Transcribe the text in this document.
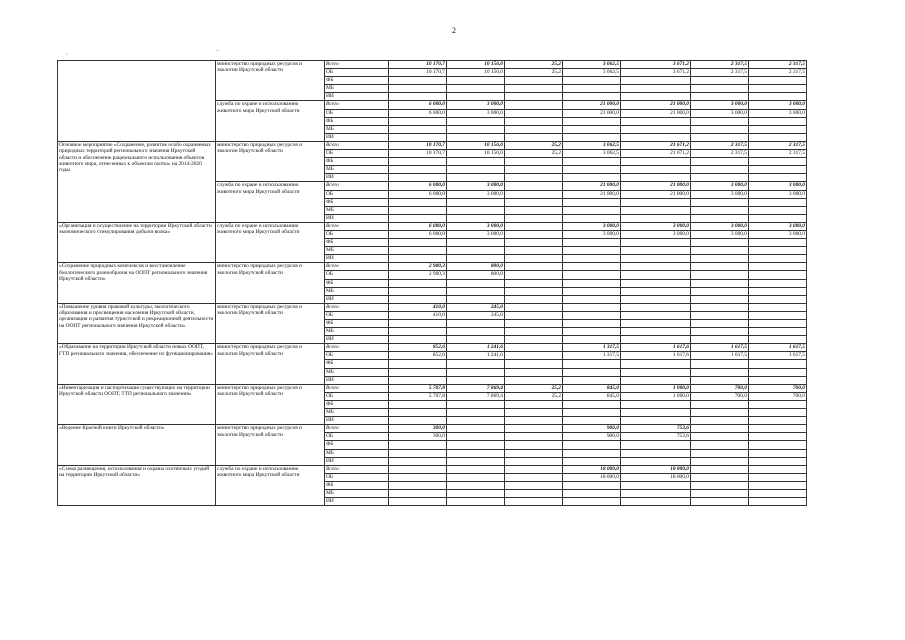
2
,
_
	министерство природных ресурсов и экологии Иркутской области	Всего	10 170,7	10 156,0	25,2	3 062,5	3 671,2	2 317,5	2 317,5
		ОБ	10 170,7	10 156,0	25,2	3 062,5	3 671,2	2 317,5	2 317,5
		ФБ							
		МБ							
		ИИ							
	служба по охране и использованию животного мира Иркутской области	Всего	6 000,0	3 000,0		21 000,0	21 000,0	3 000,0	3 000,0
		ОБ	6 000,0	3 000,0		21 000,0	21 000,0	3 000,0	3 000,0
		ФБ							
		МБ							
		ИИ							
Основное мероприятие «Сохранение, развитие особо охраняемых природных территорий регионального значения Иркутской области и обеспечение рационального использования объектов животного мира, отнесенных к объектам охоты» на 2014-2020 годы	министерство природных ресурсов и экологии Иркутской области	Всего	10 170,7	10 156,0	25,2	3 062,5	21 671,2	2 317,5	2 317,5
		ОБ	10 170,7	10 156,0	25,2	3 062,5	21 671,2	2 317,5	2 317,5
		ФБ							
		МБ							
		ИИ							
	служба по охране и использованию животного мира Иркутской области	Всего	6 000,0	3 000,0		21 000,0	21 000,0	3 000,0	3 000,0
		ОБ	6 000,0	3 000,0		21 000,0	21 000,0	3 000,0	3 000,0
		ФБ							
		МБ							
		ИИ							
«Организация и осуществление на территории Иркутской области экономического стимулирования добычи волка»	служба по охране и использованию животного мира Иркутской области	Всего	6 000,0	3 000,0		3 000,0	3 000,0	3 000,0	3 000,0
		ОБ	6 000,0	3 000,0		3 000,0	3 000,0	3 000,0	3 000,0
		ФБ							
		МБ							
		ИИ							
«Сохранение природных комплексов и восстановление биологического разнообразия на ООПТ регионального значения Иркутской области»	министерство природных ресурсов и экологии Иркутской области	Всего	2 900,3	800,0					
		ОБ	2 900,3	800,0					
		ФБ							
		МБ							
		ИИ							
«Повышение уровня правовой культуры, экологического образования и просвещения населения Иркутской области, организация и развития туристской и рекреационной деятельности на ООПТ регионального значения Иркутской области»	министерство природных ресурсов и экологии Иркутской области	Всего	410,0	245,0					
		ОБ	410,0	245,0					
		ФБ							
		МБ							
		ИИ							
«Образование на территории Иркутской области новых ООПТ, ГТП регионального значения, обеспечение их функционирования»	министерство природных ресурсов и экологии Иркутской области	Всего	852,6	1 241,6		1 317,5	1 617,6	1 617,5	1 617,5
		ОБ	852,6	1 241,6		1 317,5	1 617,6	1 617,5	1 617,5
		ФБ							
		МБ							
		ИИ							
«Инвентаризация и паспортизация существующих на территории Иркутской области ООПТ, ТТП регионального значения»	министерство природных ресурсов и экологии Иркутской области	Всего	5 707,8	7 869,4	25,2	845,0	1 000,0	700,0	700,0
		ОБ	5 707,8	7 869,4	25,2	845,0	1 000,0	700,0	700,0
		ФБ							
		МБ							
		ИИ							
«Ведение Красной книги Иркутской области»	министерство природных ресурсов и экологии Иркутской области	Всего	300,0			900,0	753,6		
		ОБ	300,0			900,0	753,6		
		ФБ							
		МБ							
		ИИ							
«Схема размещения, использования и охраны охотничьих угодий на территории Иркутской области»	служба по охране и использованию животного мира Иркутской области	Всего				18 000,0	18 000,0		
		ОБ				18 000,0	18 000,0		
		ФБ							
		МБ							
		ИИ							
